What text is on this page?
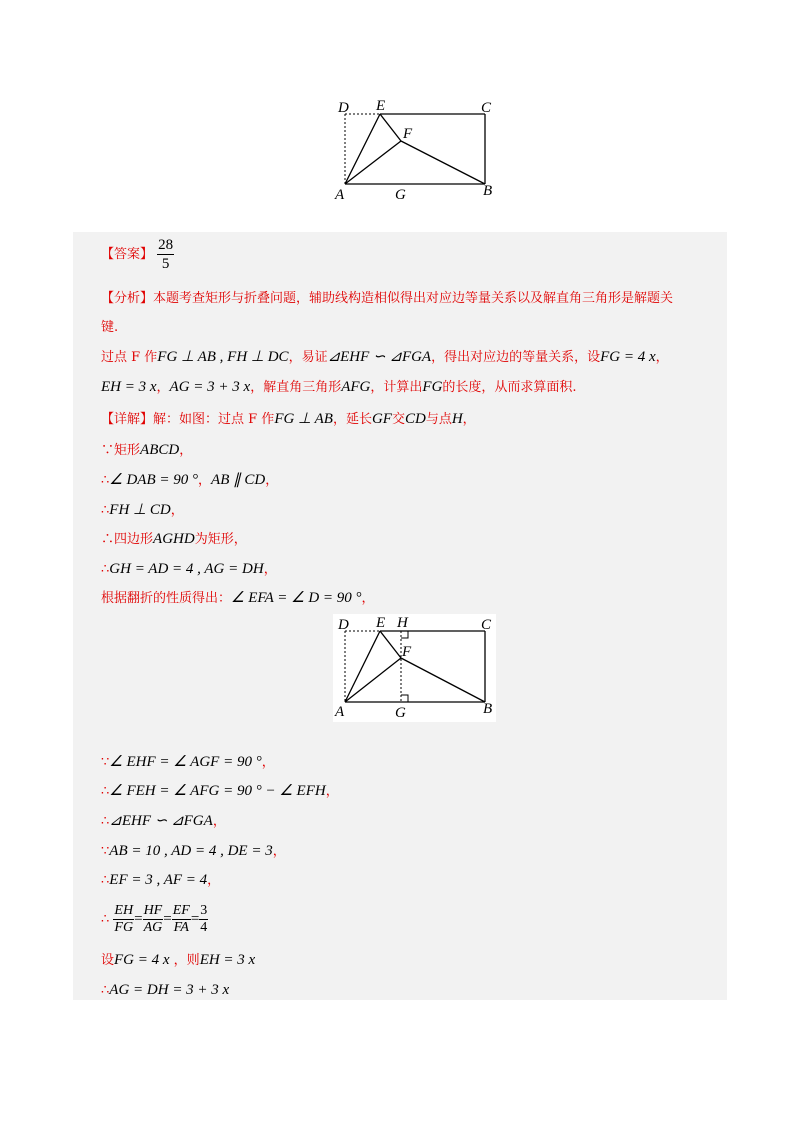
D E	C
F
A	G	B
【答案】 $\frac{28}{5}$
【分析】本题考查矩形与折叠问题，辅助线构造相似得出对应边等量关系以及解直角三角形是解题关
键.
过点 F 作FG ⊥ AB , FH ⊥ DC，易证⊿EHF ∽ ⊿FGA，得出对应边的等量关系，设FG = 4 x，
EH = 3 x，AG = 3 + 3 x，解直角三角形AFG，计算出FG的长度，从而求算面积.
【详解】解：如图：过点 F 作FG ⊥ AB，延长GF交CD与点H，
∵矩形ABCD，
∴∠ DAB = 90 °，AB ∥ CD，
∴FH ⊥ CD，
∴四边形AGHD为矩形，
∴GH = AD = 4 , AG = DH，
根据翻折的性质得出：∠ EFA = ∠ D = 90 °，
D E H	C
F
A	G	B
∵∠ EHF = ∠ AGF = 90 °，
∴∠ FEH = ∠ AFG = 90 ° − ∠ EFH，
∴⊿EHF ∽ ⊿FGA，
∵AB = 10 , AD = 4 , DE = 3，
∴EF = 3 , AF = 4，
∴ $\frac{EH}{FG} = \frac{HF}{AG} = \frac{EF}{FA} = \frac{3}{4}$
设FG = 4 x ，则EH = 3 x
∴AG = DH = 3 + 3 x
